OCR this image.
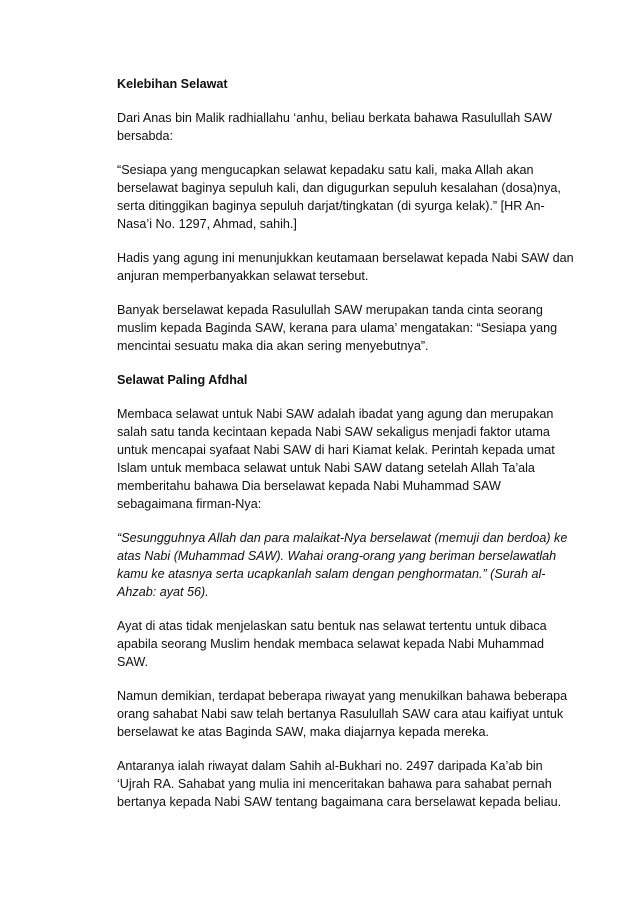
Kelebihan Selawat
Dari Anas bin Malik radhiallahu ‘anhu, beliau berkata bahawa Rasulullah SAW bersabda:
“Sesiapa yang mengucapkan selawat kepadaku satu kali, maka Allah akan berselawat baginya sepuluh kali, dan digugurkan sepuluh kesalahan (dosa)nya, serta ditinggikan baginya sepuluh darjat/tingkatan (di syurga kelak).” [HR An-Nasa’i No. 1297, Ahmad, sahih.]
Hadis yang agung ini menunjukkan keutamaan berselawat kepada Nabi SAW dan anjuran memperbanyakkan selawat tersebut.
Banyak berselawat kepada Rasulullah SAW merupakan tanda cinta seorang muslim kepada Baginda SAW, kerana para ulama’ mengatakan: “Sesiapa yang mencintai sesuatu maka dia akan sering menyebutnya”.
Selawat Paling Afdhal
Membaca selawat untuk Nabi SAW adalah ibadat yang agung dan merupakan salah satu tanda kecintaan kepada Nabi SAW sekaligus menjadi faktor utama untuk mencapai syafaat Nabi SAW di hari Kiamat kelak. Perintah kepada umat Islam untuk membaca selawat untuk Nabi SAW datang setelah Allah Ta’ala memberitahu bahawa Dia berselawat kepada Nabi Muhammad SAW sebagaimana firman-Nya:
“Sesungguhnya Allah dan para malaikat-Nya berselawat (memuji dan berdoa) ke atas Nabi (Muhammad SAW). Wahai orang-orang yang beriman berselawatlah kamu ke atasnya serta ucapkanlah salam dengan penghormatan.” (Surah al-Ahzab: ayat 56).
Ayat di atas tidak menjelaskan satu bentuk nas selawat tertentu untuk dibaca apabila seorang Muslim hendak membaca selawat kepada Nabi Muhammad SAW.
Namun demikian, terdapat beberapa riwayat yang menukilkan bahawa beberapa orang sahabat Nabi saw telah bertanya Rasulullah SAW cara atau kaifiyat untuk berselawat ke atas Baginda SAW, maka diajarnya kepada mereka.
Antaranya ialah riwayat dalam Sahih al-Bukhari no. 2497 daripada Ka’ab bin ‘Ujrah RA. Sahabat yang mulia ini menceritakan bahawa para sahabat pernah bertanya kepada Nabi SAW tentang bagaimana cara berselawat kepada beliau.
